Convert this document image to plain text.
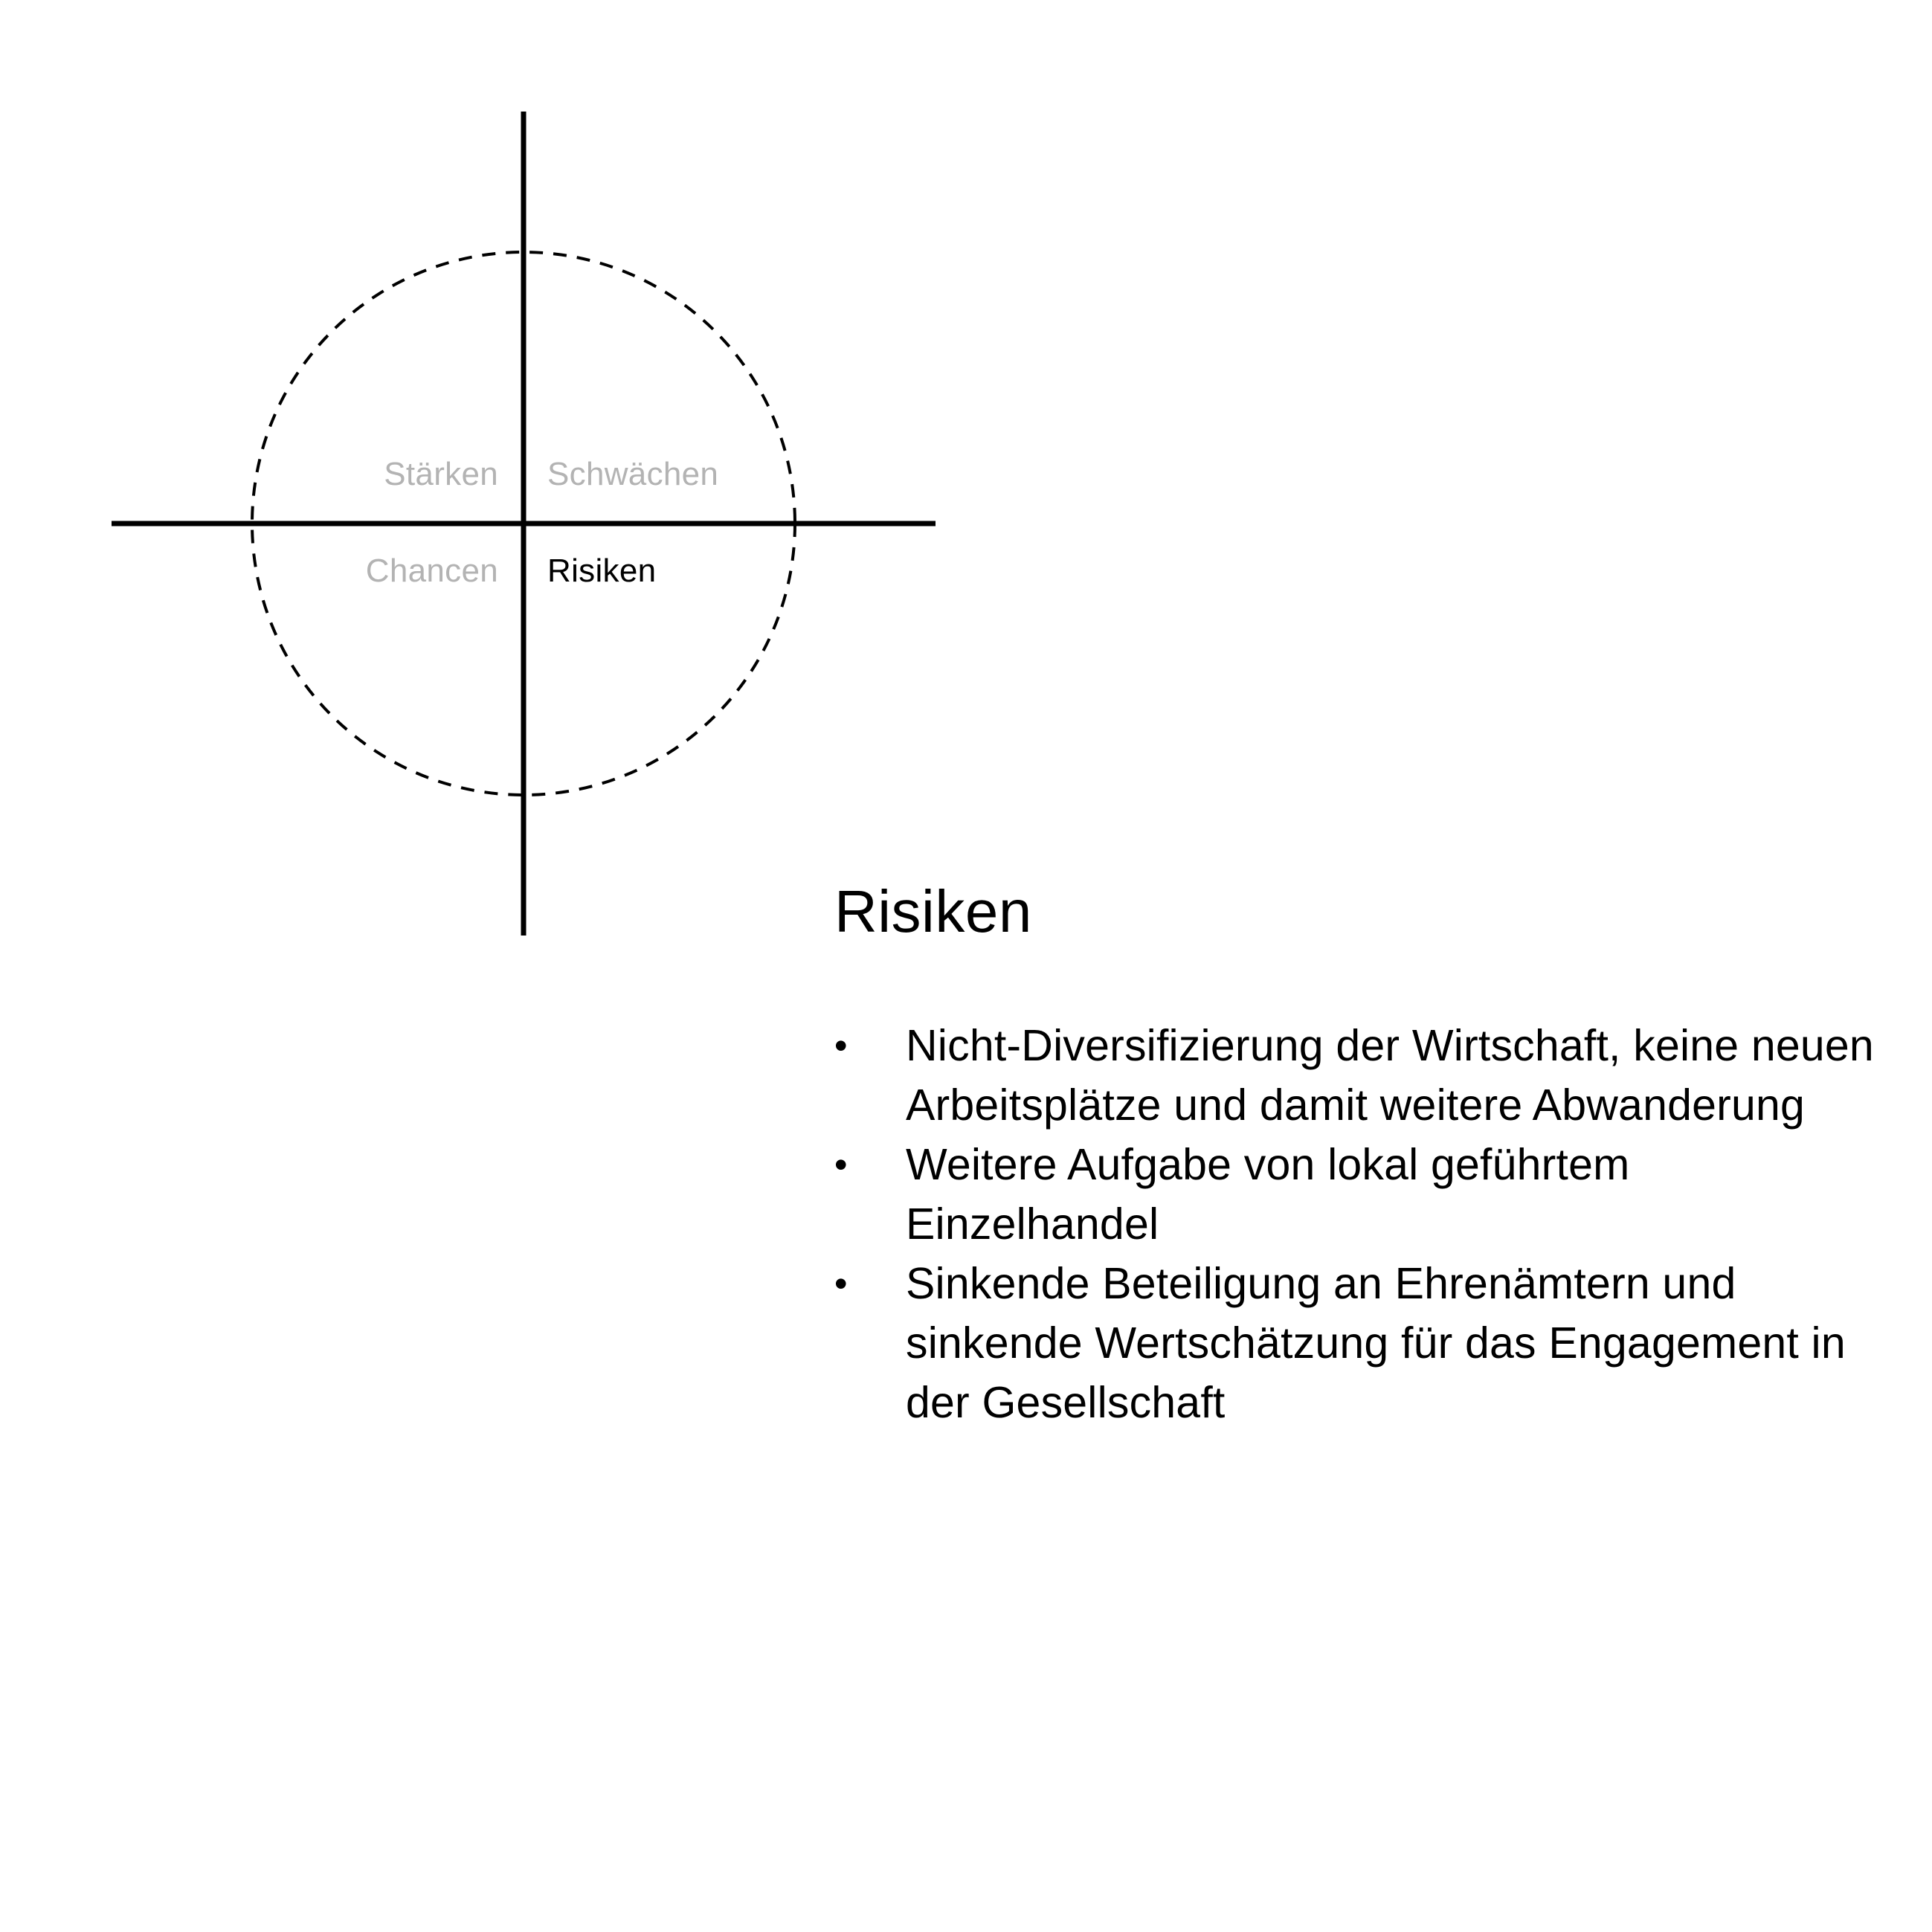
Stärken Schwächen
Chancen Risiken
Risiken
•	Nicht-Diversifizierung der Wirtschaft, keine neuen Arbeitsplätze und damit weitere Abwanderung
•	Weitere Aufgabe von lokal geführtem Einzelhandel
•	Sinkende Beteiligung an Ehrenämtern und sinkende Wertschätzung für das Engagement in der Gesellschaft
